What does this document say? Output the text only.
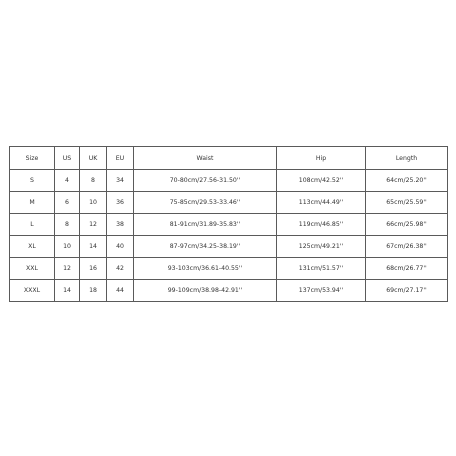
Size	US	UK	EU	Waist	Hip	Length
S	4	8	34	70-80cm/27.56-31.50''	108cm/42.52''	64cm/25.20''
M	6	10	36	75-85cm/29.53-33.46''	113cm/44.49''	65cm/25.59''
L	8	12	38	81-91cm/31.89-35.83''	119cm/46.85''	66cm/25.98''
XL	10	14	40	87-97cm/34.25-38.19''	125cm/49.21''	67cm/26.38''
XXL	12	16	42	93-103cm/36.61-40.55''	131cm/51.57''	68cm/26.77''
XXXL	14	18	44	99-109cm/38.98-42.91''	137cm/53.94''	69cm/27.17''
